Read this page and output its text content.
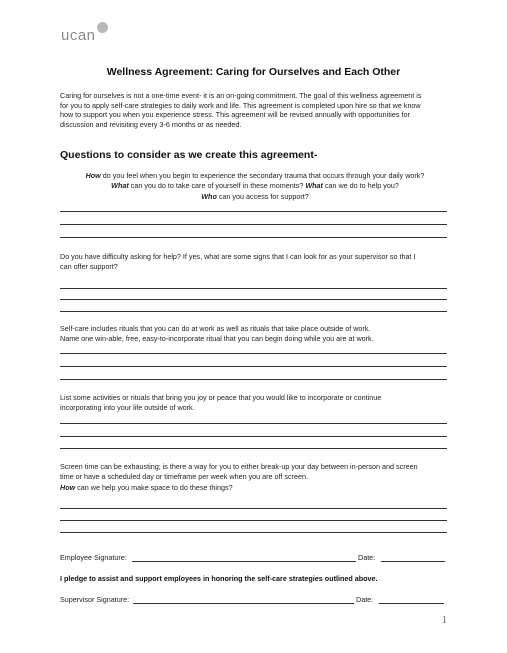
ucan
Wellness Agreement: Caring for Ourselves and Each Other
Caring for ourselves is not a one-time event- it is an on-going commitment. The goal of this wellness agreement is
for you to apply self-care strategies to daily work and life. This agreement is completed upon hire so that we know
how to support you when you experience stress. This agreement will be revised annually with opportunities for
discussion and revisiting every 3-6 months or as needed.
Questions to consider as we create this agreement-
How do you feel when you begin to experience the secondary trauma that occurs through your daily work?
What can you do to take care of yourself in these moments? What can we do to help you?
Who can you access for support?
Do you have difficulty asking for help? If yes, what are some signs that I can look for as your supervisor so that I
can offer support?
Self-care includes rituals that you can do at work as well as rituals that take place outside of work.
Name one win-able, free, easy-to-incorporate ritual that you can begin doing while you are at work.
List some activities or rituals that bring you joy or peace that you would like to incorporate or continue
incorporating into your life outside of work.
Screen time can be exhausting; is there a way for you to either break-up your day between in-person and screen
time or have a scheduled day or timeframe per week when you are off screen.
How can we help you make space to do these things?
Employee Signature:	Date:
I pledge to assist and support employees in honoring the self-care strategies outlined above.
Supervisor Signature:	Date:
1
